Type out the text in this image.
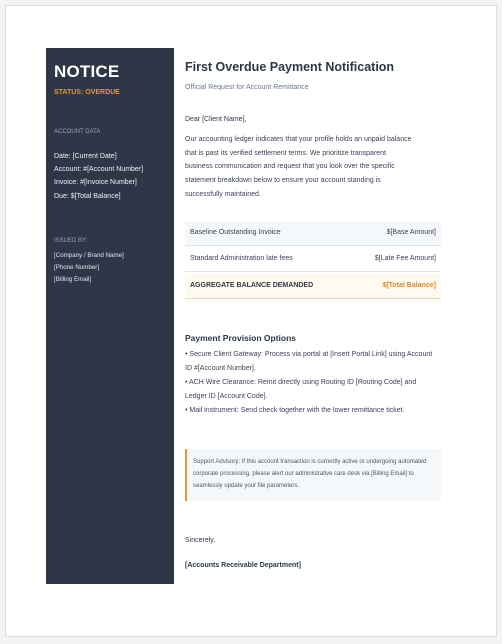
NOTICE
STATUS: OVERDUE
ACCOUNT DATA
Date: [Current Date]
Account: #[Account Number]
Invoice: #[Invoice Number]
Due: $[Total Balance]
ISSUED BY:
[Company / Brand Name]
[Phone Number]
[Billing Email]
First Overdue Payment Notification
Official Request for Account Remittance
Dear [Client Name],
Our accounting ledger indicates that your profile holds an unpaid balance that is past its verified settlement terms. We prioritize transparent business communication and request that you look over the specific statement breakdown below to ensure your account standing is successfully maintained.
Baseline Outstanding Invoice	$[Base Amount]
Standard Administration late fees	$[Late Fee Amount]
AGGREGATE BALANCE DEMANDED	$[Total Balance]
Payment Provision Options
• Secure Client Gateway: Process via portal at [Insert Portal Link] using Account ID #[Account Number].
• ACH Wire Clearance: Remit directly using Routing ID [Routing Code] and Ledger ID [Account Code].
• Mail instrument: Send check together with the lower remittance ticket.
Support Advisory: If this account transaction is currently active or undergoing automated corporate processing, please alert our administrative care desk via [Billing Email] to seamlessly update your file parameters.
Sincerely,
[Accounts Receivable Department]
